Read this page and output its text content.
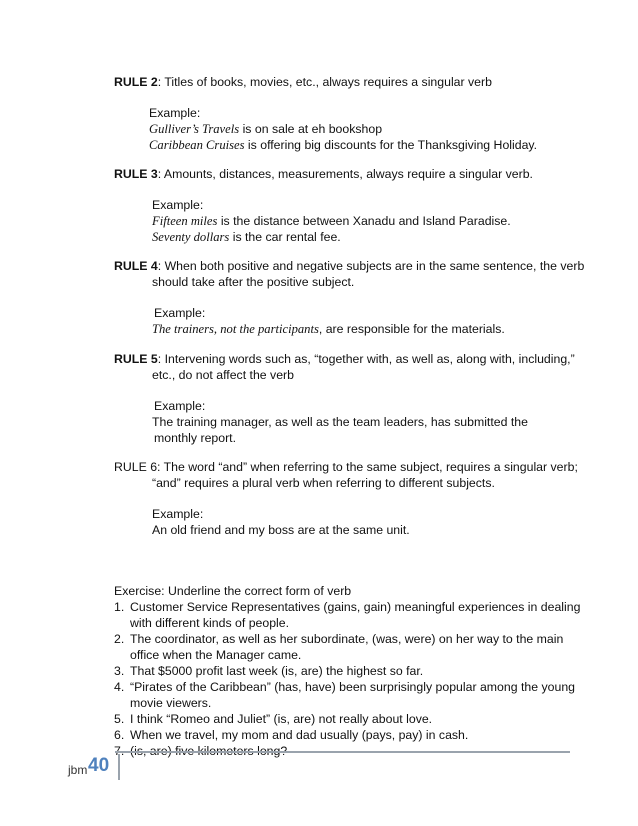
RULE 2: Titles of books, movies, etc., always requires a singular verb
Example:
Gulliver’s Travels is on sale at eh bookshop
Caribbean Cruises is offering big discounts for the Thanksgiving Holiday.
RULE 3: Amounts, distances, measurements, always require a singular verb.
Example:
Fifteen miles is the distance between Xanadu and Island Paradise.
Seventy dollars is the car rental fee.
RULE 4: When both positive and negative subjects are in the same sentence, the verb
should take after the positive subject.
Example:
The trainers, not the participants, are responsible for the materials.
RULE 5: Intervening words such as, “together with, as well as, along with, including,”
etc., do not affect the verb
Example:
The training manager, as well as the team leaders, has submitted the
monthly report.
RULE 6: The word “and” when referring to the same subject, requires a singular verb;
“and” requires a plural verb when referring to different subjects.
Example:
An old friend and my boss are at the same unit.
Exercise: Underline the correct form of verb
1. Customer Service Representatives (gains, gain) meaningful experiences in dealing
with different kinds of people.
2. The coordinator, as well as her subordinate, (was, were) on her way to the main
office when the Manager came.
3. That $5000 profit last week (is, are) the highest so far.
4. “Pirates of the Caribbean” (has, have) been surprisingly popular among the young
movie viewers.
5. I think “Romeo and Juliet” (is, are) not really about love.
6. When we travel, my mom and dad usually (pays, pay) in cash.
7. (is, are) five kilometers long?
jbm 40
